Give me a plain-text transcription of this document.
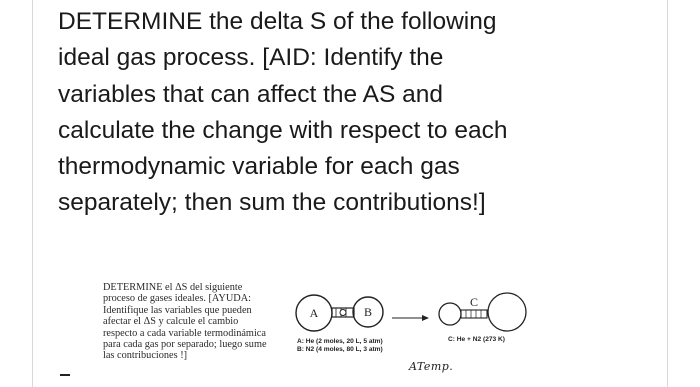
DETERMINE the delta S of the following
ideal gas process. [AID: Identify the
variables that can affect the AS and
calculate the change with respect to each
thermodynamic variable for each gas
separately; then sum the contributions!]
DETERMINE el ΔS del siguiente
proceso de gases ideales. [AYUDA:
Identifique las variables que pueden
afectar el ΔS y calcule el cambio
respecto a cada variable termodinámica
para cada gas por separado; luego sume
las contribuciones !]
A	B
C
A: He (2 moles, 20 L, 5 atm)
B: N2 (4 moles, 80 L, 3 atm)
C: He + N2 (273 K)
ATemp.
